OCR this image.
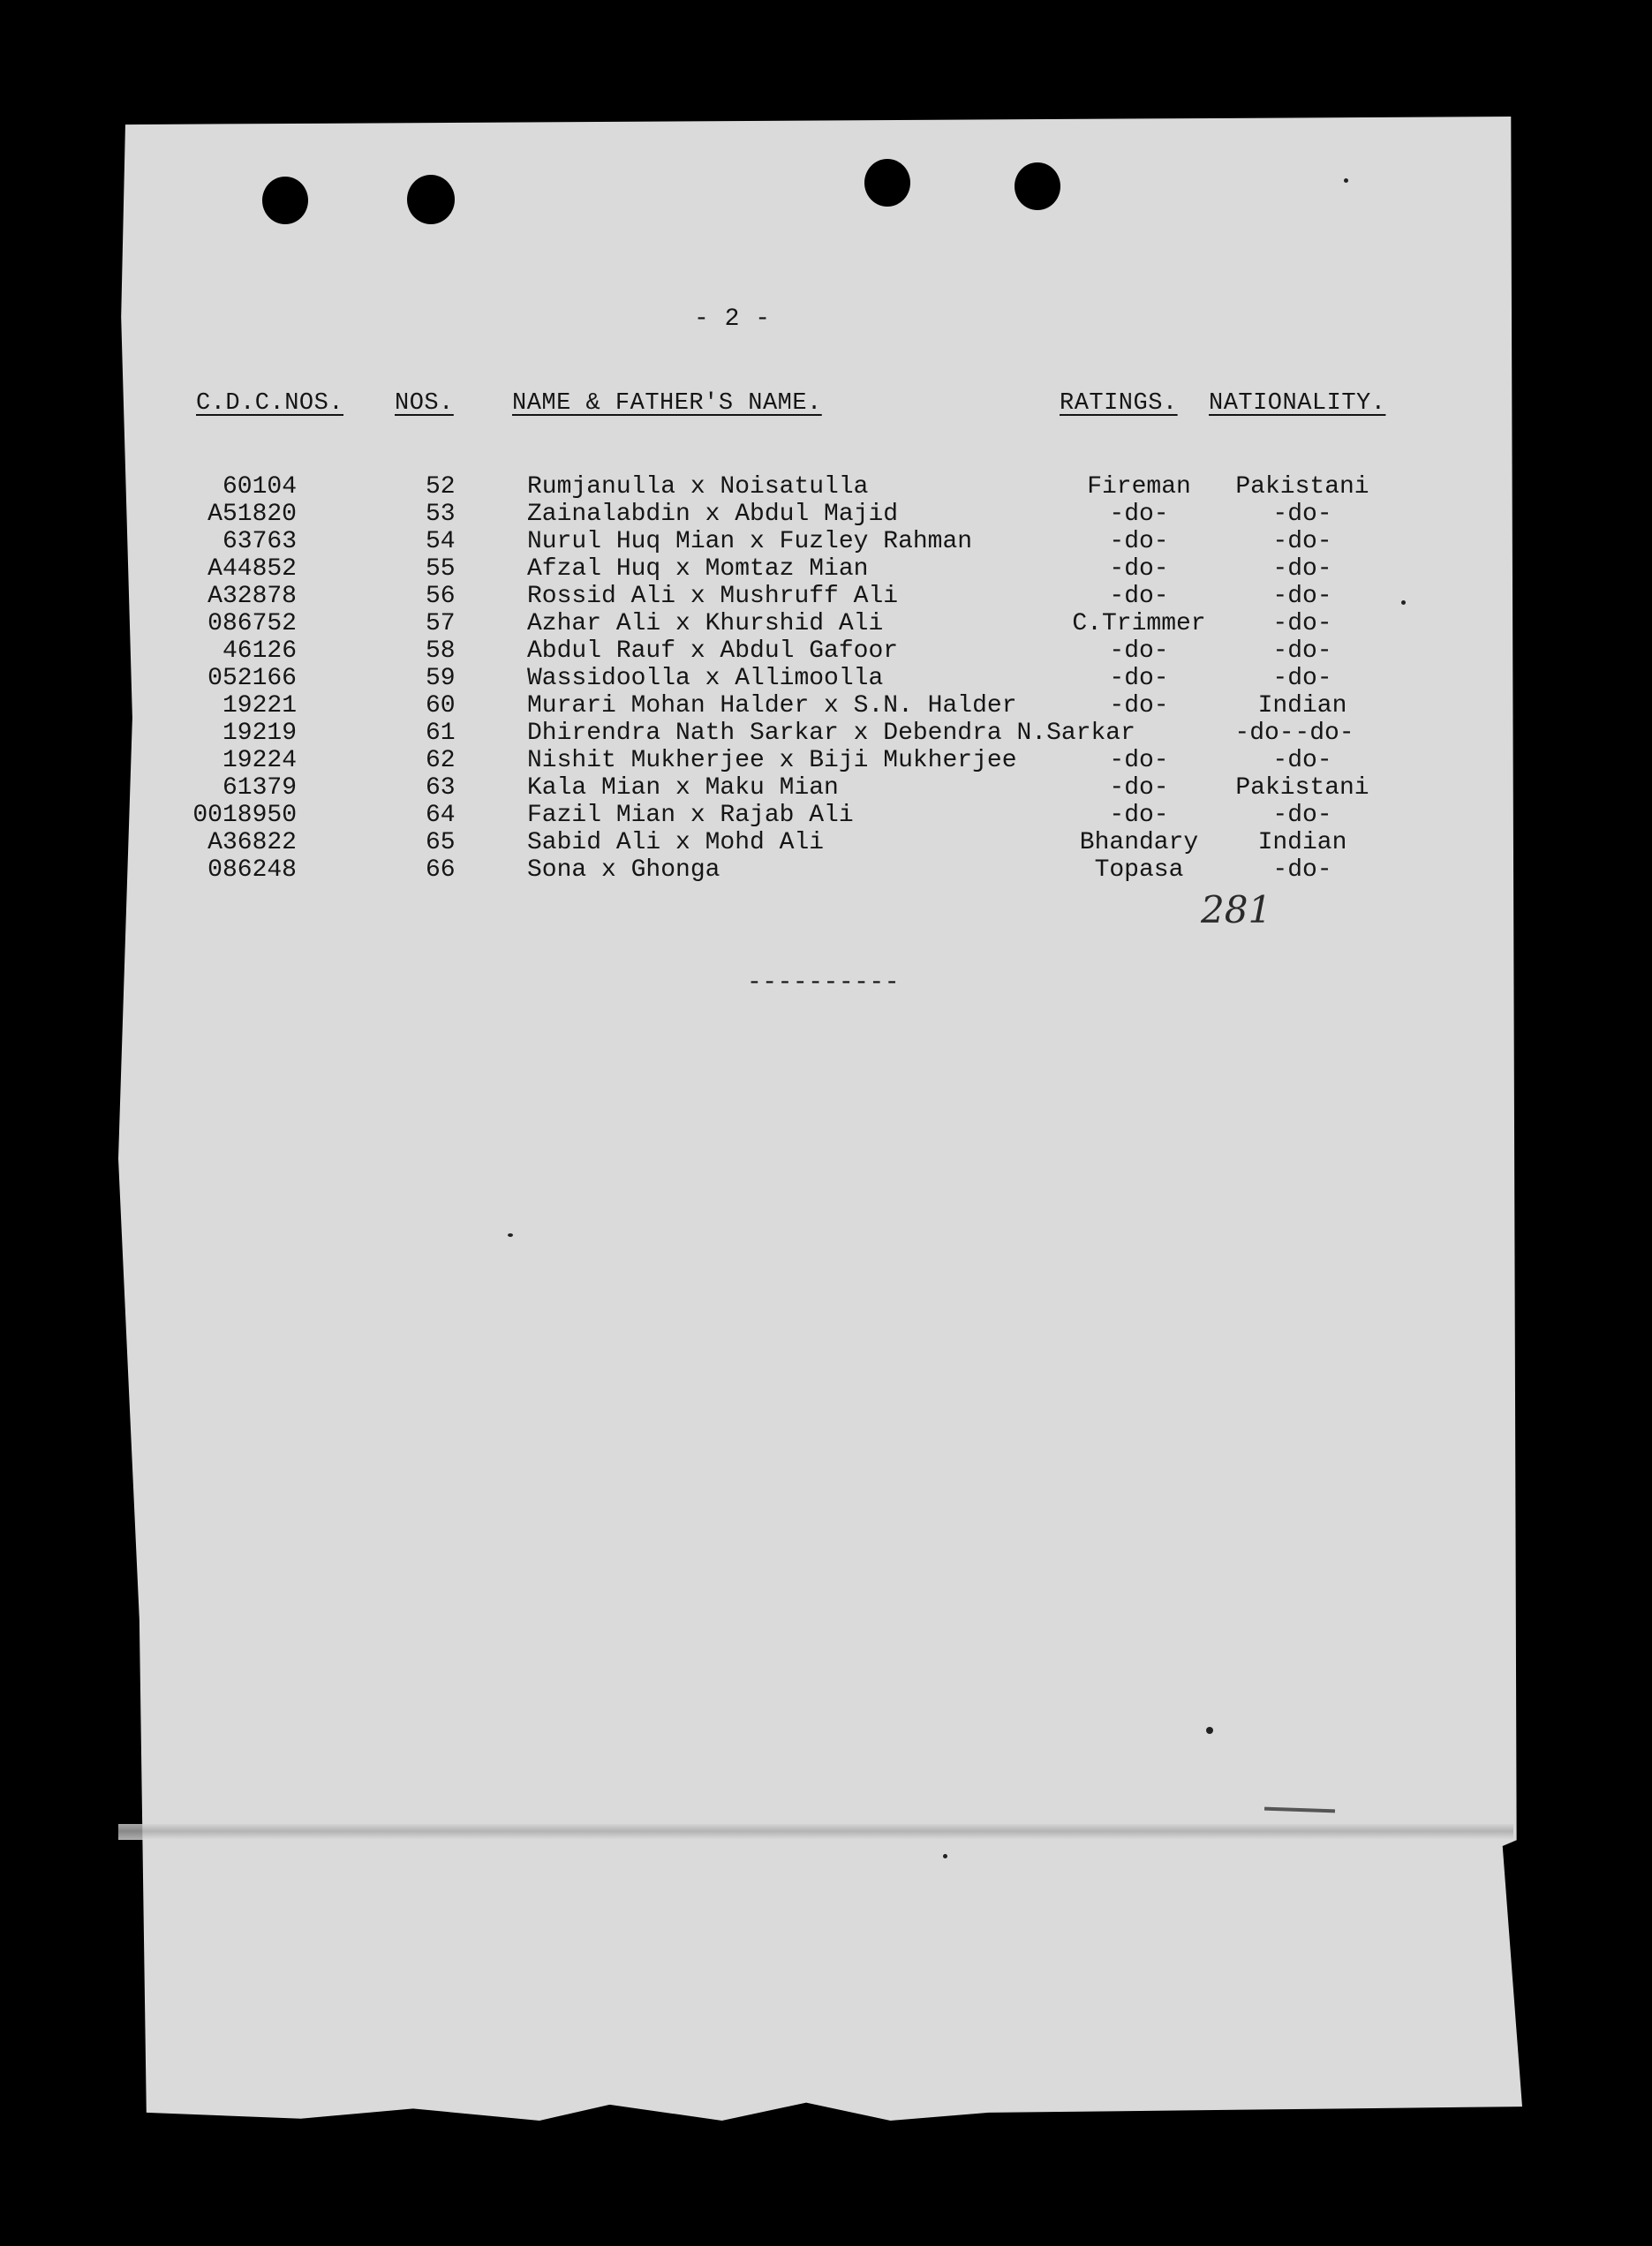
- 2 -
C.D.C.NOS. NOS. NAME & FATHER'S NAME.	RATINGS. NATIONALITY.
60104	52	Rumjanulla x Noisatulla	Fireman	Pakistani
A51820	53	Zainalabdin x Abdul Majid	-do-	-do-
63763	54	Nurul Huq Mian x Fuzley Rahman	-do-	-do-
A44852	55	Afzal Huq x Momtaz Mian	-do-	-do-
A32878	56	Rossid Ali x Mushruff Ali	-do-	-do-
086752	57	Azhar Ali x Khurshid Ali	C.Trimmer	-do-
46126	58	Abdul Rauf x Abdul Gafoor	-do-	-do-
052166	59	Wassidoolla x Allimoolla	-do-	-do-
19221	60	Murari Mohan Halder x S.N. Halder	-do-	Indian
19219	61	Dhirendra Nath Sarkar x Debendra N.Sarkar	-do- -do-
19224	62	Nishit Mukherjee x Biji Mukherjee	-do-	-do-
61379	63	Kala Mian x Maku Mian	-do-	Pakistani
0018950	64	Fazil Mian x Rajab Ali	-do-	-do-
A36822	65	Sabid Ali x Mohd Ali	Bhandary	Indian
086248	66	Sona x Ghonga	Topasa	-do-
281
----------
